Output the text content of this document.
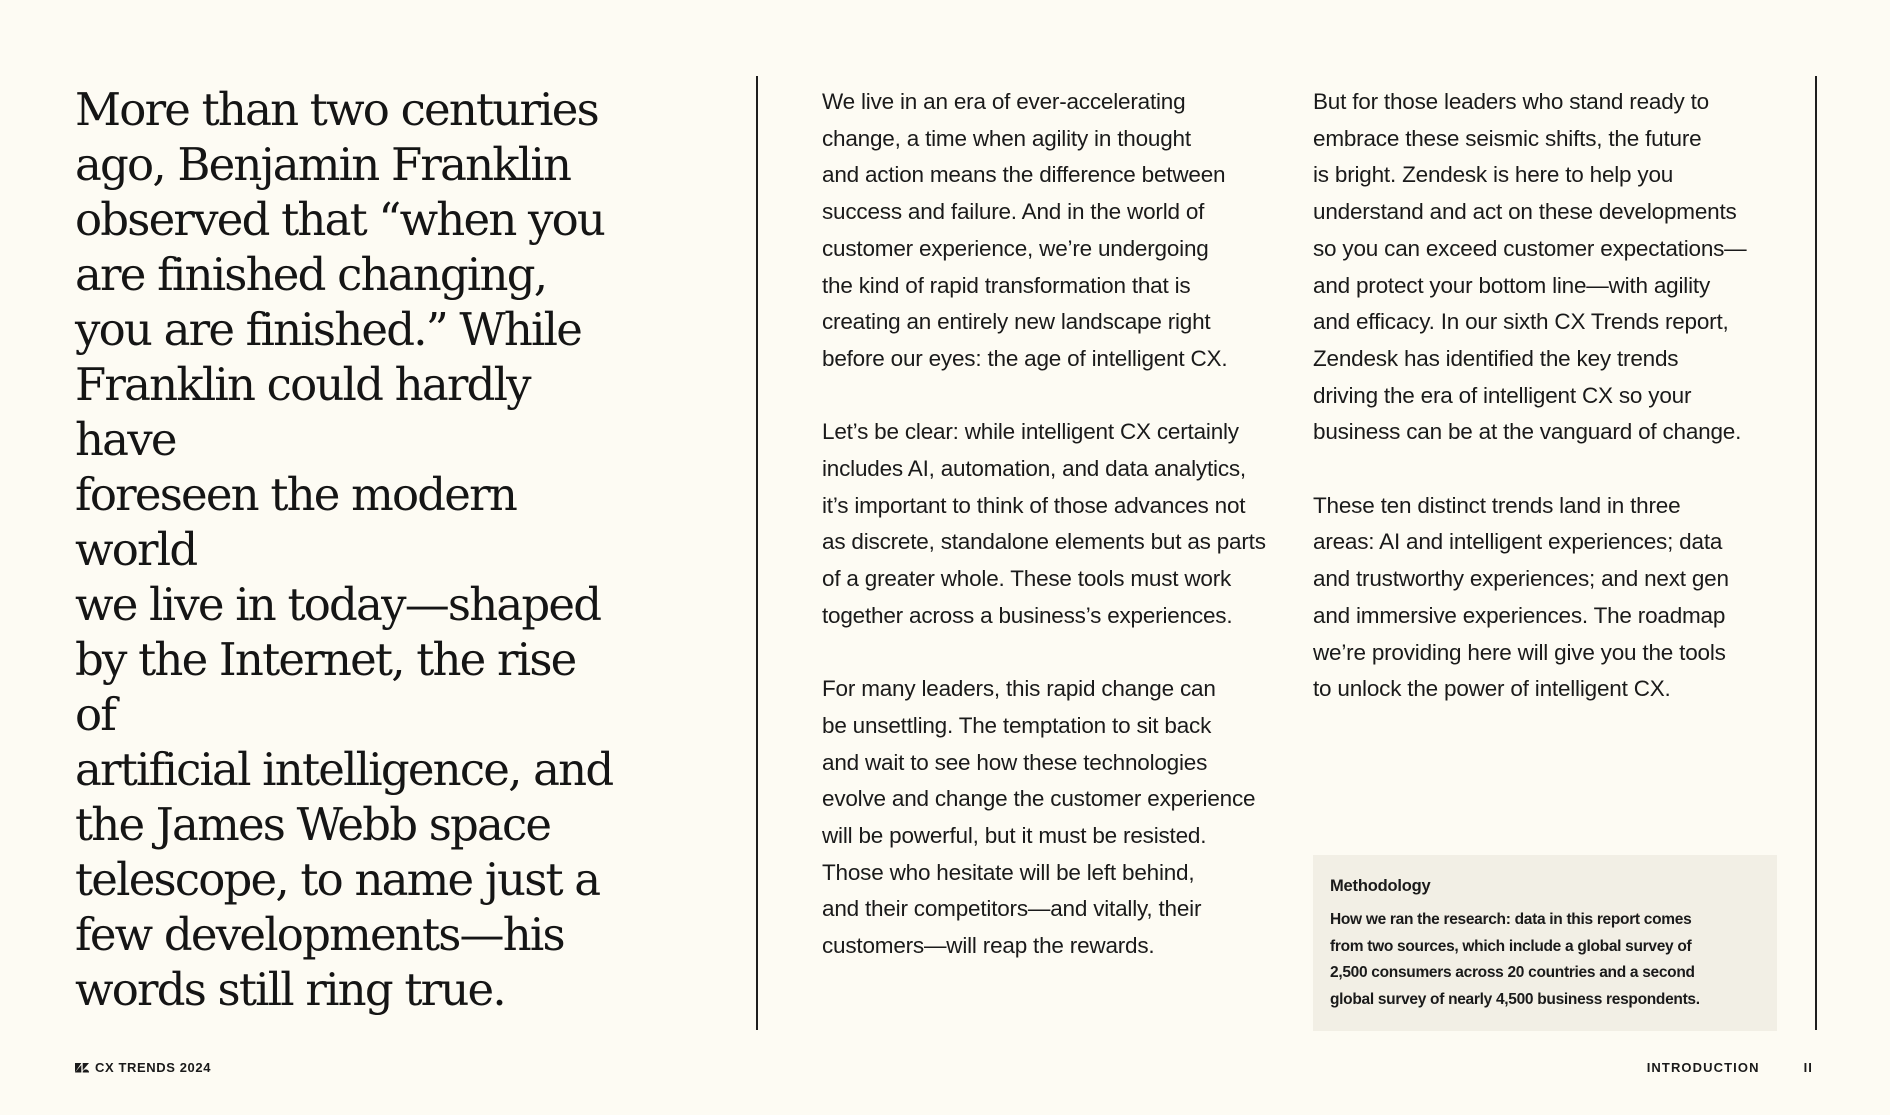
More than two centuries
ago, Benjamin Franklin
observed that “when you
are finished changing,
you are finished.” While
Franklin could hardly have
foreseen the modern world
we live in today—shaped
by the Internet, the rise of
artificial intelligence, and
the James Webb space
telescope, to name just a
few developments—his
words still ring true.

We live in an era of ever-accelerating
change, a time when agility in thought
and action means the difference between
success and failure. And in the world of
customer experience, we’re undergoing
the kind of rapid transformation that is
creating an entirely new landscape right
before our eyes: the age of intelligent CX.

Let’s be clear: while intelligent CX certainly
includes AI, automation, and data analytics,
it’s important to think of those advances not
as discrete, standalone elements but as parts
of a greater whole. These tools must work
together across a business’s experiences.

For many leaders, this rapid change can
be unsettling. The temptation to sit back
and wait to see how these technologies
evolve and change the customer experience
will be powerful, but it must be resisted.
Those who hesitate will be left behind,
and their competitors—and vitally, their
customers—will reap the rewards.

But for those leaders who stand ready to
embrace these seismic shifts, the future
is bright. Zendesk is here to help you
understand and act on these developments
so you can exceed customer expectations—
and protect your bottom line—with agility
and efficacy. In our sixth CX Trends report,
Zendesk has identified the key trends
driving the era of intelligent CX so your
business can be at the vanguard of change.

These ten distinct trends land in three
areas: AI and intelligent experiences; data
and trustworthy experiences; and next gen
and immersive experiences. The roadmap
we’re providing here will give you the tools
to unlock the power of intelligent CX.

Methodology
How we ran the research: data in this report comes
from two sources, which include a global survey of
2,500 consumers across 20 countries and a second
global survey of nearly 4,500 business respondents.
CX TRENDS 2024	INTRODUCTION	II
